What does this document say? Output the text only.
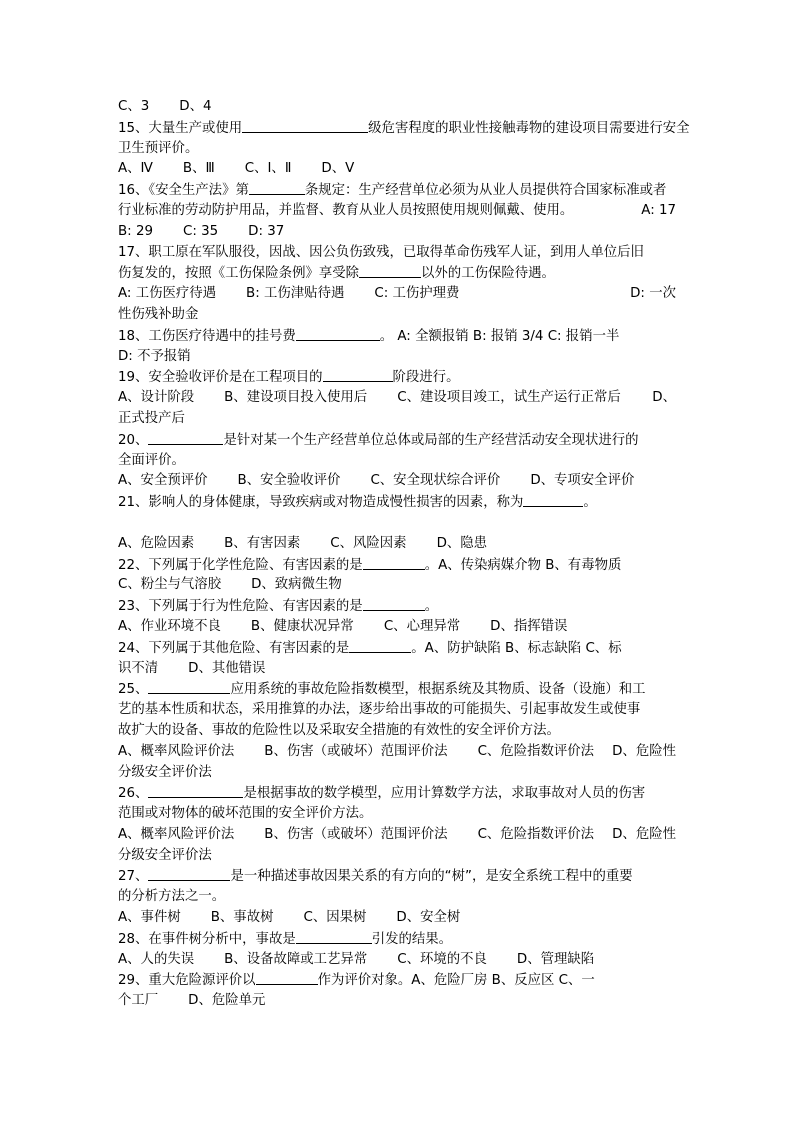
C、3 D、4
15、大量生产或使用	级危害程度的职业性接触毒物的建设项目需要进行安全
卫生预评价。
A、Ⅳ B、Ⅲ C、Ⅰ、Ⅱ D、Ⅴ
16、《安全生产法》第	条规定：生产经营单位必须为从业人员提供符合国家标准或者
A: 17
行业标准的劳动防护用品，并监督、教育从业人员按照使用规则佩戴、使用。
B: 29 C: 35 D: 37
17、职工原在军队服役，因战、因公负伤致残，已取得革命伤残军人证，到用人单位后旧
伤复发的，按照《工伤保险条例》享受除	以外的工伤保险待遇。
D: 一次
A: 工伤医疗待遇 B: 工伤津贴待遇 C: 工伤护理费
性伤残补助金
18、工伤医疗待遇中的挂号费	。 A: 全额报销 B: 报销 3/4 C: 报销一半
D: 不予报销
19、安全验收评价是在工程项目的	阶段进行。
D、
A、设计阶段 B、建设项目投入使用后 C、建设项目竣工，试生产运行正常后
正式投产后
20、	是针对某一个生产经营单位总体或局部的生产经营活动安全现状进行的
全面评价。
A、安全预评价 B、安全验收评价 C、安全现状综合评价 D、专项安全评价
21、影响人的身体健康，导致疾病或对物造成慢性损害的因素，称为	。
A、危险因素 B、有害因素 C、风险因素 D、隐患
22、下列属于化学性危险、有害因素的是	。A、传染病媒介物 B、有毒物质
C、粉尘与气溶胶 D、致病微生物
23、下列属于行为性危险、有害因素的是	。
A、作业环境不良 B、健康状况异常 C、心理异常 D、指挥错误
24、下列属于其他危险、有害因素的是	。A、防护缺陷 B、标志缺陷 C、标
识不清 D、其他错误
25、	应用系统的事故危险指数模型，根据系统及其物质、设备（设施）和工
艺的基本性质和状态，采用推算的办法，逐步给出事故的可能损失、引起事故发生或使事
故扩大的设备、事故的危险性以及采取安全措施的有效性的安全评价方法。
D、危险性
A、概率风险评价法 B、伤害（或破坏）范围评价法 C、危险指数评价法
分级安全评价法
26、	是根据事故的数学模型，应用计算数学方法，求取事故对人员的伤害
范围或对物体的破坏范围的安全评价方法。
D、危险性
A、概率风险评价法 B、伤害（或破坏）范围评价法 C、危险指数评价法
分级安全评价法
27、	是一种描述事故因果关系的有方向的“树”，是安全系统工程中的重要
的分析方法之一。
A、事件树 B、事故树 C、因果树 D、安全树
28、在事件树分析中，事故是	引发的结果。
A、人的失误 B、设备故障或工艺异常 C、环境的不良 D、管理缺陷
29、重大危险源评价以	作为评价对象。A、危险厂房 B、反应区 C、一
个工厂 D、危险单元
